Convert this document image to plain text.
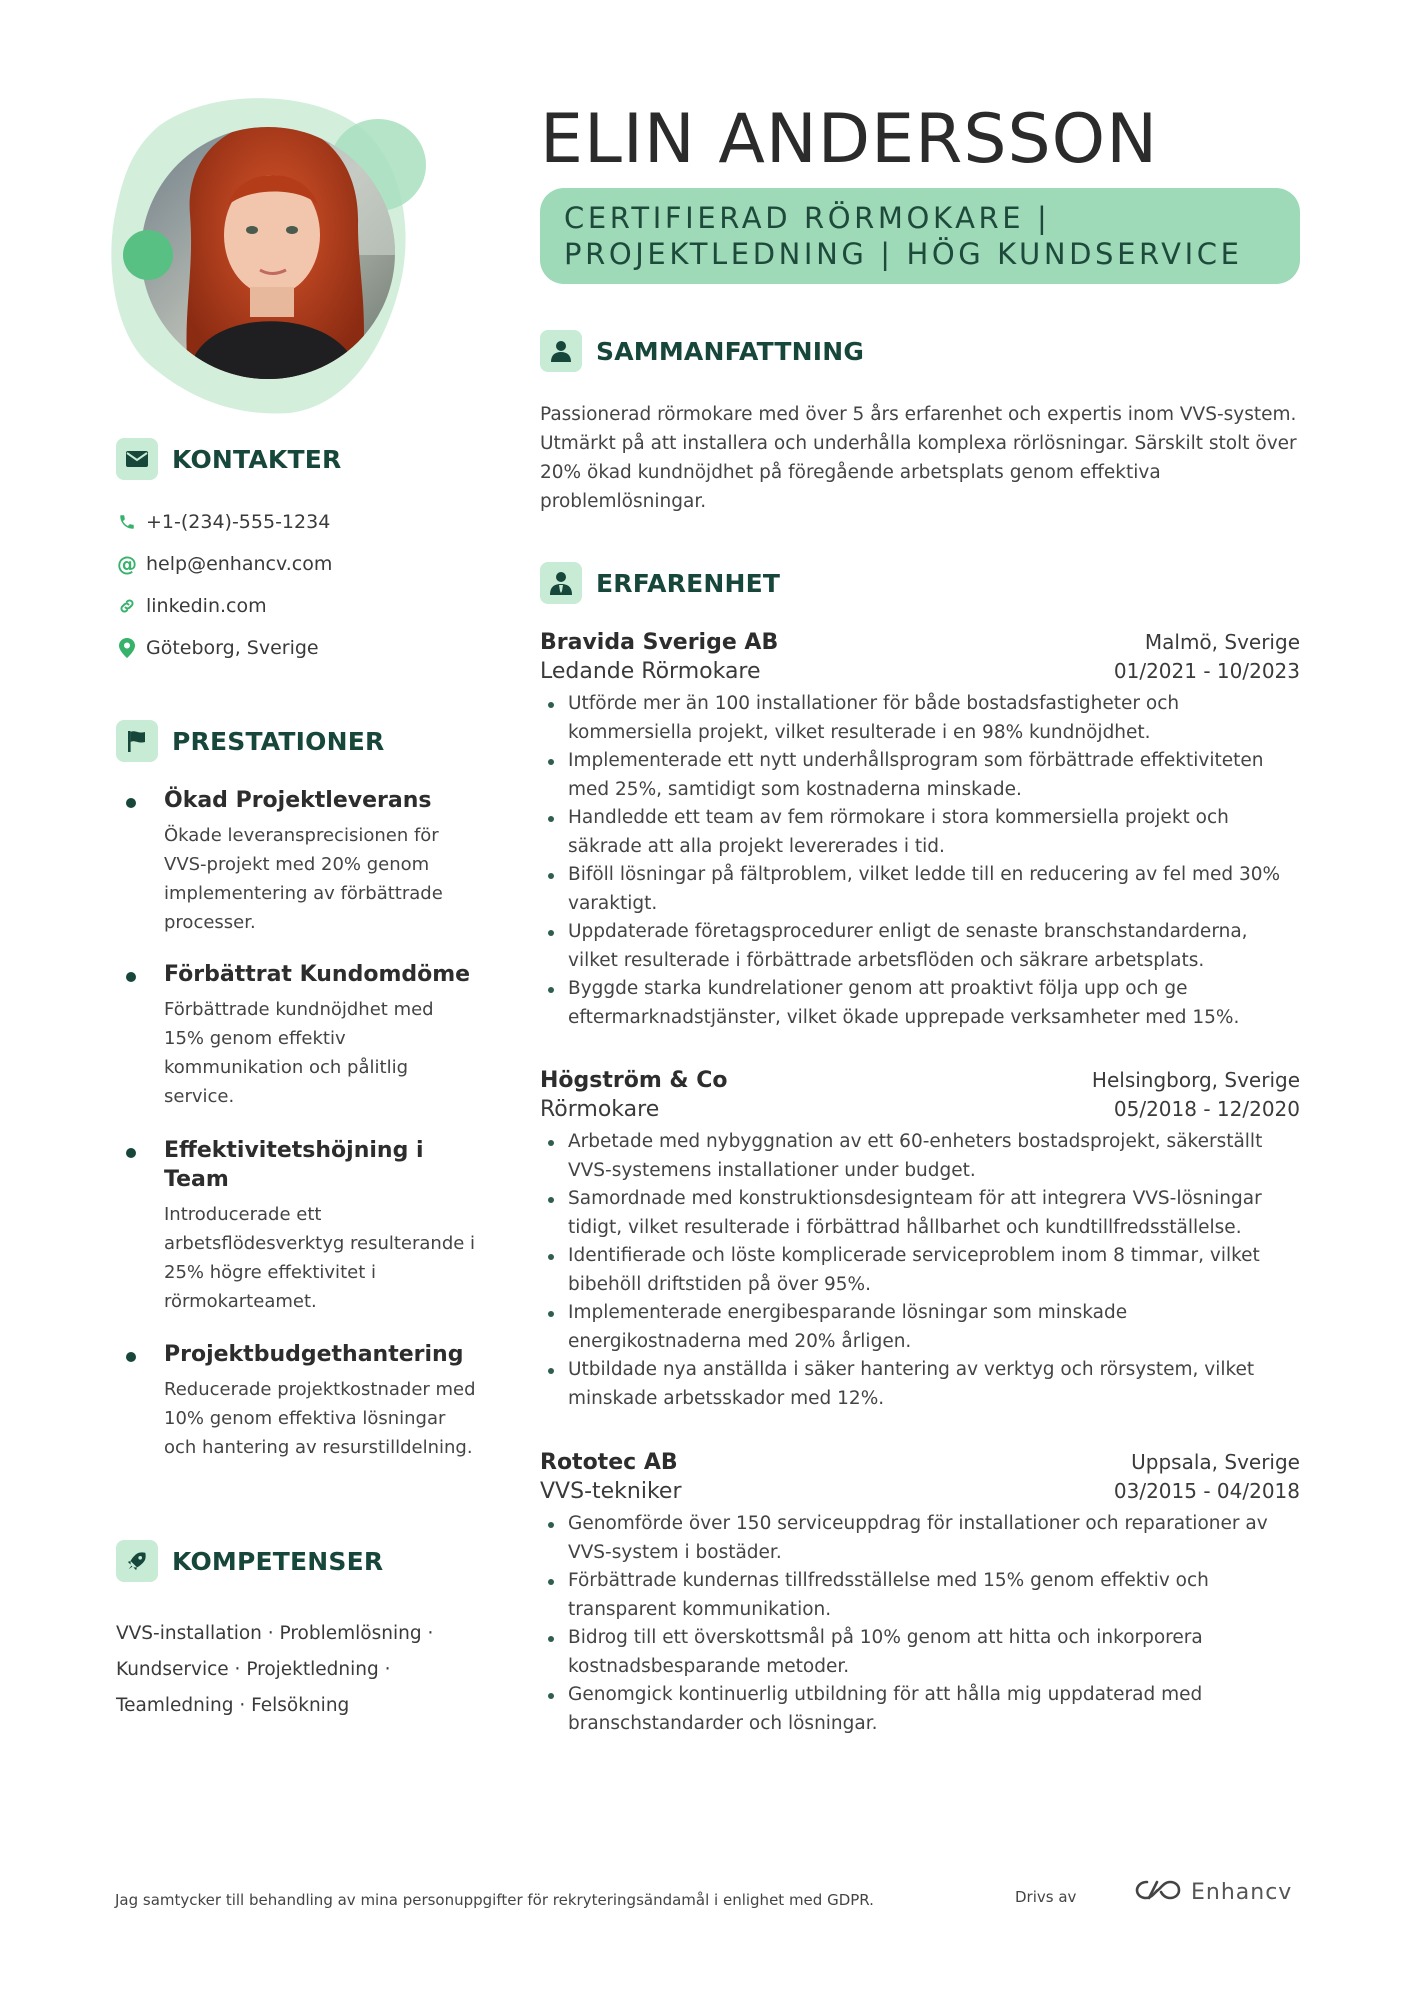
KONTAKTER
+1-(234)-555-1234
@ help@enhancv.com
linkedin.com
Göteborg, Sverige
PRESTATIONER
Ökad Projektleverans
Ökade leveransprecisionen för VVS-projekt med 20% genom implementering av förbättrade processer.
Förbättrat Kundomdöme
Förbättrade kundnöjdhet med 15% genom effektiv kommunikation och pålitlig service.
Effektivitetshöjning i Team
Introducerade ett arbetsflödesverktyg resulterande i 25% högre effektivitet i rörmokarteamet.
Projektbudgethantering
Reducerade projektkostnader med 10% genom effektiva lösningar och hantering av resurstilldelning.
KOMPETENSER
VVS-installation · Problemlösning · Kundservice · Projektledning · Teamledning · Felsökning
ELIN ANDERSSON
CERTIFIERAD RÖRMOKARE |
PROJEKTLEDNING | HÖG KUNDSERVICE
SAMMANFATTNING
Passionerad rörmokare med över 5 års erfarenhet och expertis inom VVS-system. Utmärkt på att installera och underhålla komplexa rörlösningar. Särskilt stolt över 20% ökad kundnöjdhet på föregående arbetsplats genom effektiva problemlösningar.
ERFARENHET
Bravida Sverige AB	Malmö, Sverige
Ledande Rörmokare	01/2021 - 10/2023
Utförde mer än 100 installationer för både bostadsfastigheter och kommersiella projekt, vilket resulterade i en 98% kundnöjdhet.
Implementerade ett nytt underhållsprogram som förbättrade effektiviteten med 25%, samtidigt som kostnaderna minskade.
Handledde ett team av fem rörmokare i stora kommersiella projekt och säkrade att alla projekt levererades i tid.
Biföll lösningar på fältproblem, vilket ledde till en reducering av fel med 30% varaktigt.
Uppdaterade företagsprocedurer enligt de senaste branschstandarderna, vilket resulterade i förbättrade arbetsflöden och säkrare arbetsplats.
Byggde starka kundrelationer genom att proaktivt följa upp och ge eftermarknadstjänster, vilket ökade upprepade verksamheter med 15%.
Högström & Co	Helsingborg, Sverige
Rörmokare	05/2018 - 12/2020
Arbetade med nybyggnation av ett 60-enheters bostadsprojekt, säkerställt VVS-systemens installationer under budget.
Samordnade med konstruktionsdesignteam för att integrera VVS-lösningar tidigt, vilket resulterade i förbättrad hållbarhet och kundtillfredsställelse.
Identifierade och löste komplicerade serviceproblem inom 8 timmar, vilket bibehöll driftstiden på över 95%.
Implementerade energibesparande lösningar som minskade energikostnaderna med 20% årligen.
Utbildade nya anställda i säker hantering av verktyg och rörsystem, vilket minskade arbetsskador med 12%.
Rototec AB	Uppsala, Sverige
VVS-tekniker	03/2015 - 04/2018
Genomförde över 150 serviceuppdrag för installationer och reparationer av VVS-system i bostäder.
Förbättrade kundernas tillfredsställelse med 15% genom effektiv och transparent kommunikation.
Bidrog till ett överskottsmål på 10% genom att hitta och inkorporera kostnadsbesparande metoder.
Genomgick kontinuerlig utbildning för att hålla mig uppdaterad med branschstandarder och lösningar.
Jag samtycker till behandling av mina personuppgifter för rekryteringsändamål i enlighet med GDPR.	Drivs av	Enhancv
